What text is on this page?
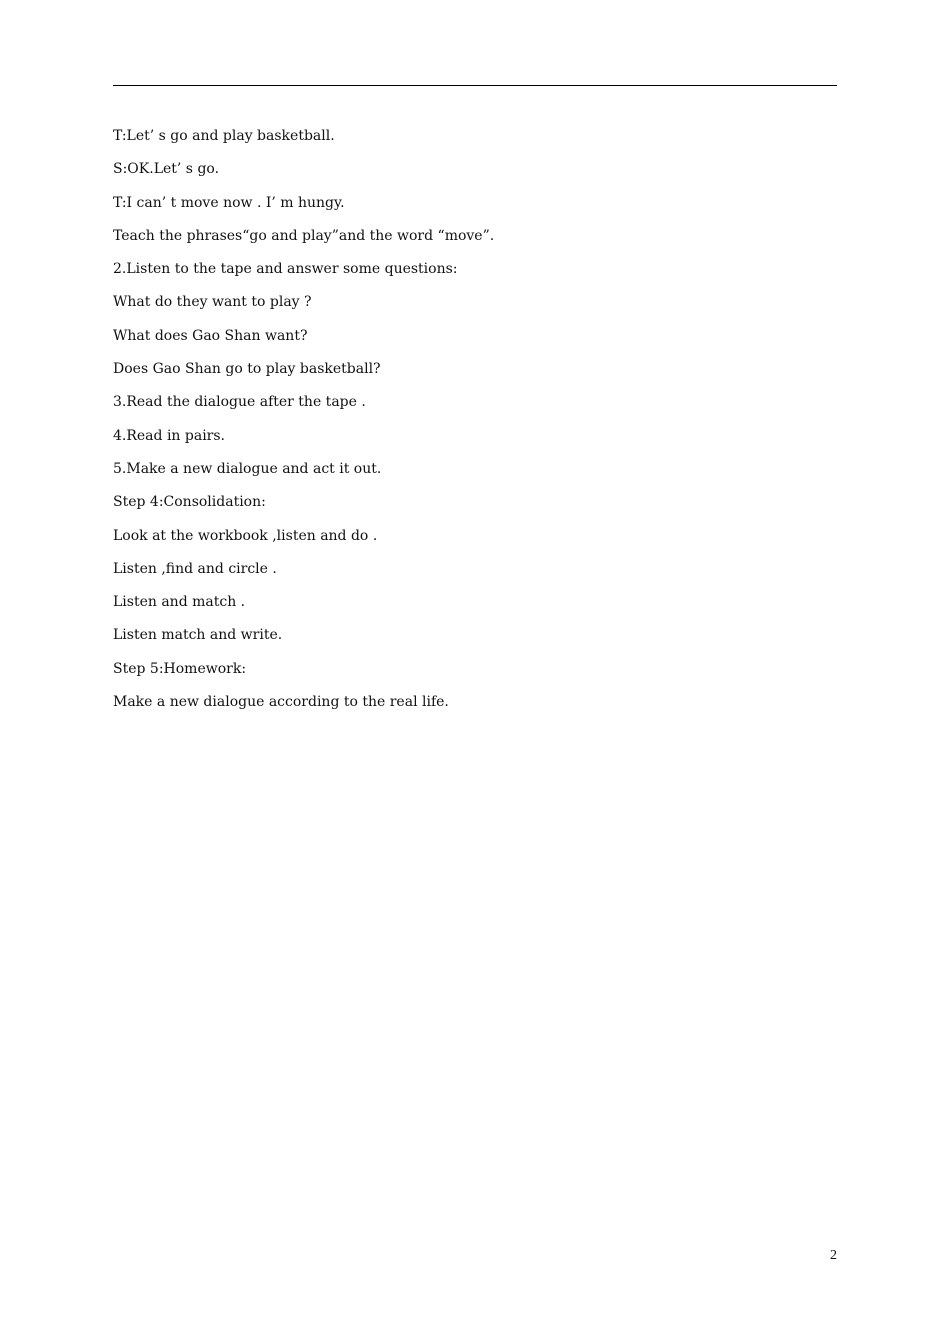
T:Let’ s go and play basketball.
S:OK.Let’ s go.
T:I can’ t move now . I’ m hungy.
Teach the phrases“go and play”and the word “move”.
2.Listen to the tape and answer some questions:
What do they want to play ?
What does Gao Shan want?
Does Gao Shan go to play basketball?
3.Read the dialogue after the tape .
4.Read in pairs.
5.Make a new dialogue and act it out.
Step 4:Consolidation:
Look at the workbook ,listen and do .
Listen ,find and circle .
Listen and match .
Listen match and write.
Step 5:Homework:
Make a new dialogue according to the real life.
2
